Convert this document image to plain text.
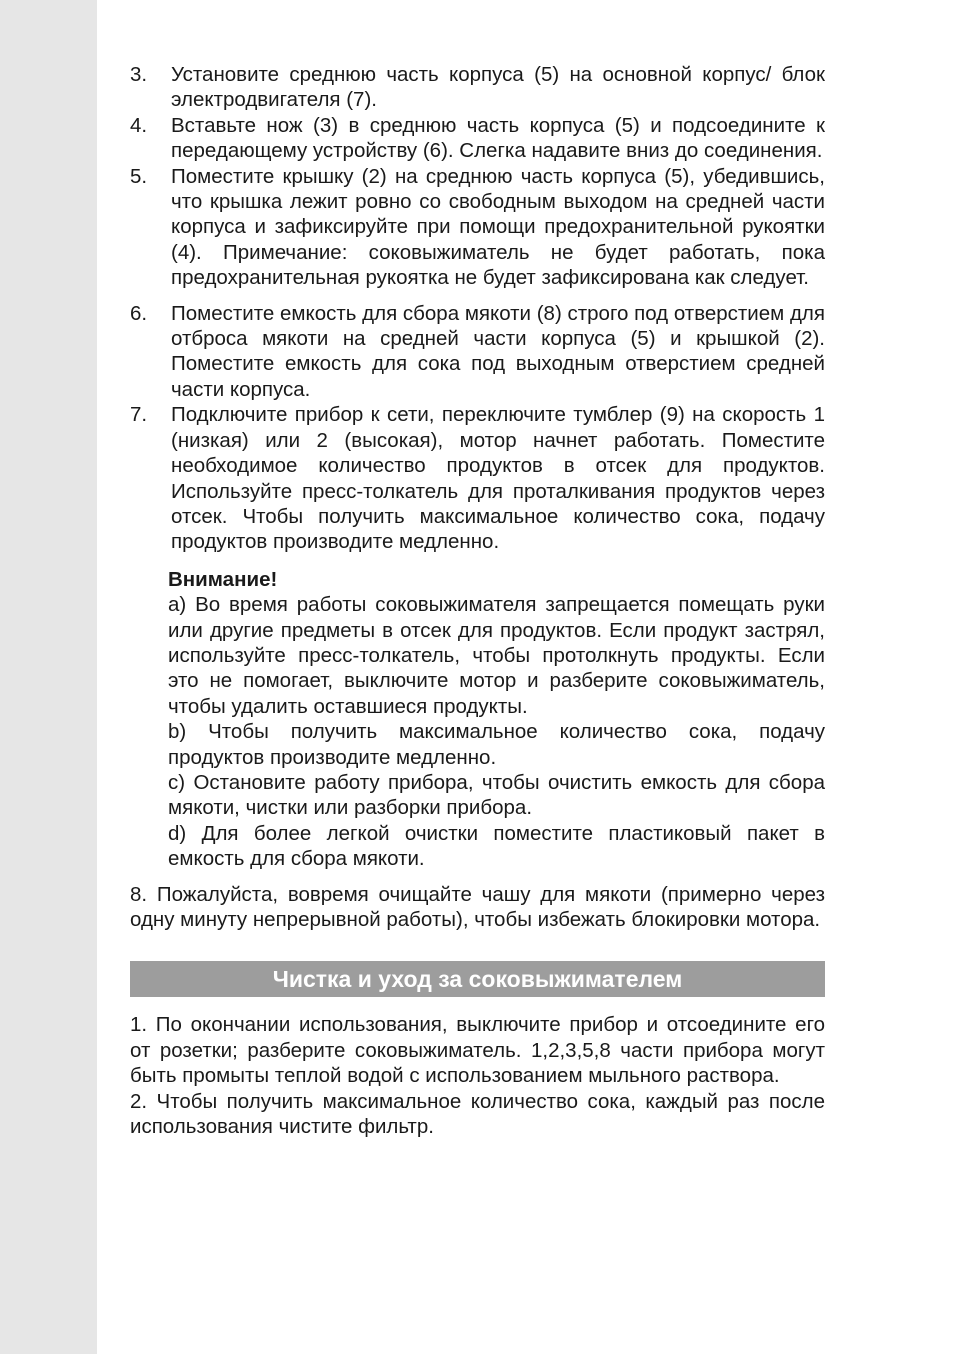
3.	Установите среднюю часть корпуса (5) на основной корпус/ блок электродвигателя (7).
4.	Вставьте нож (3) в среднюю часть корпуса (5) и подсоедините к передающему устройству (6). Слегка надавите вниз до соединения.
5.	Поместите крышку (2) на среднюю часть корпуса (5), убедившись, что крышка лежит ровно со свободным выходом на средней части корпуса и зафиксируйте при помощи предохранительной рукоятки (4). Примечание: соковыжиматель не будет работать, пока предохранительная рукоятка не будет зафиксирована как следует.
6.	Поместите емкость для сбора мякоти (8) строго под отверстием для отброса мякоти на средней части корпуса (5) и крышкой (2). Поместите емкость для сока под выходным отверстием средней части корпуса.
7.	Подключите прибор к сети, переключите тумблер (9) на скорость 1 (низкая) или 2 (высокая), мотор начнет работать. Поместите необходимое количество продуктов в отсек для продуктов. Используйте пресс-толкатель для проталкивания продуктов через отсек. Чтобы получить максимальное количество сока, подачу продуктов производите медленно.
Внимание!
a) Во время работы соковыжимателя запрещается помещать руки или другие предметы в отсек для продуктов. Если продукт застрял, используйте пресс-толкатель, чтобы протолкнуть продукты. Если это не помогает, выключите мотор и разберите соковыжиматель, чтобы удалить оставшиеся продукты.
b) Чтобы получить максимальное количество сока, подачу продуктов производите медленно.
c) Остановите работу прибора, чтобы очистить емкость для сбора мякоти, чистки или разборки прибора.
d) Для более легкой очистки поместите пластиковый пакет в емкость для сбора мякоти.
8. Пожалуйста, вовремя очищайте чашу для мякоти (примерно через одну минуту непрерывной работы), чтобы избежать блокировки мотора.
Чистка и уход за соковыжимателем
1. По окончании использования, выключите прибор и отсоедините его от розетки; разберите соковыжиматель. 1,2,3,5,8 части прибора могут быть промыты теплой водой с использованием мыльного раствора.
2. Чтобы получить максимальное количество сока, каждый раз после использования чистите фильтр.
